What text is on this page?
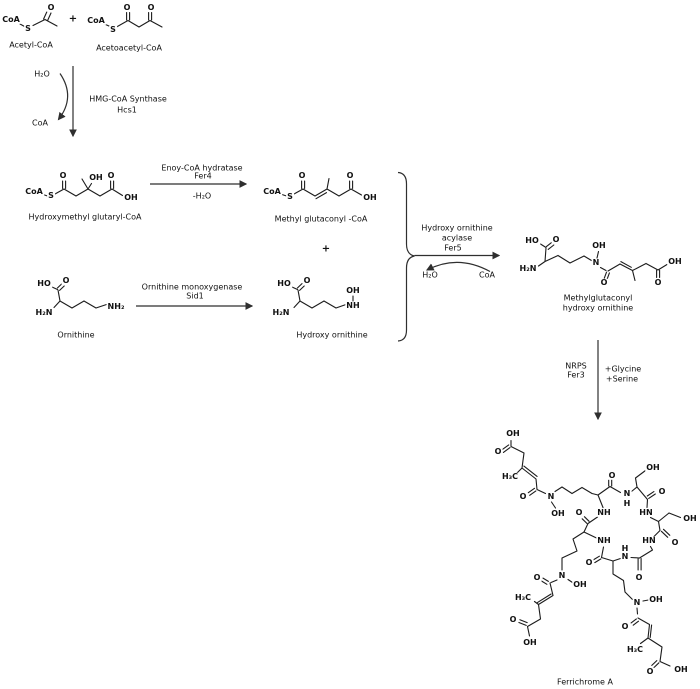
Acetyl-CoA	Acetoacetyl-CoA
+
H₂O
HMG-CoA Synthase
Hcs1
CoA
Hydroxymethyl glutaryl-CoA
Enoy-CoA hydratase
Fer4
-H₂O
Methyl glutaconyl -CoA
+
Ornithine
Ornithine monoxygenase
Sid1
Hydroxy ornithine
Hydroxy ornithine
acylase
Fer5
H₂O	CoA
Methylglutaconyl
hydroxy ornithine
NRPS
Fer3
+Glycine
+Serine
Ferrichrome A
CoA
S
O
CoA
S
O O
CoA S
O	OH O
OH
CoA
S
O	O
OH
HO O
H₂N
NH₂
HO O
H₂N
OH
NH
HO O
H₂N
OH
N
O	O
OH
OH
O
H₃C
O	N
OH
O
N
H
NH
OH
O
HN
OH
O
O
NH
O
H
N
O
HN
N
OH
O
H₃C
O
OH
N OH
O
H₃C
O	OH
